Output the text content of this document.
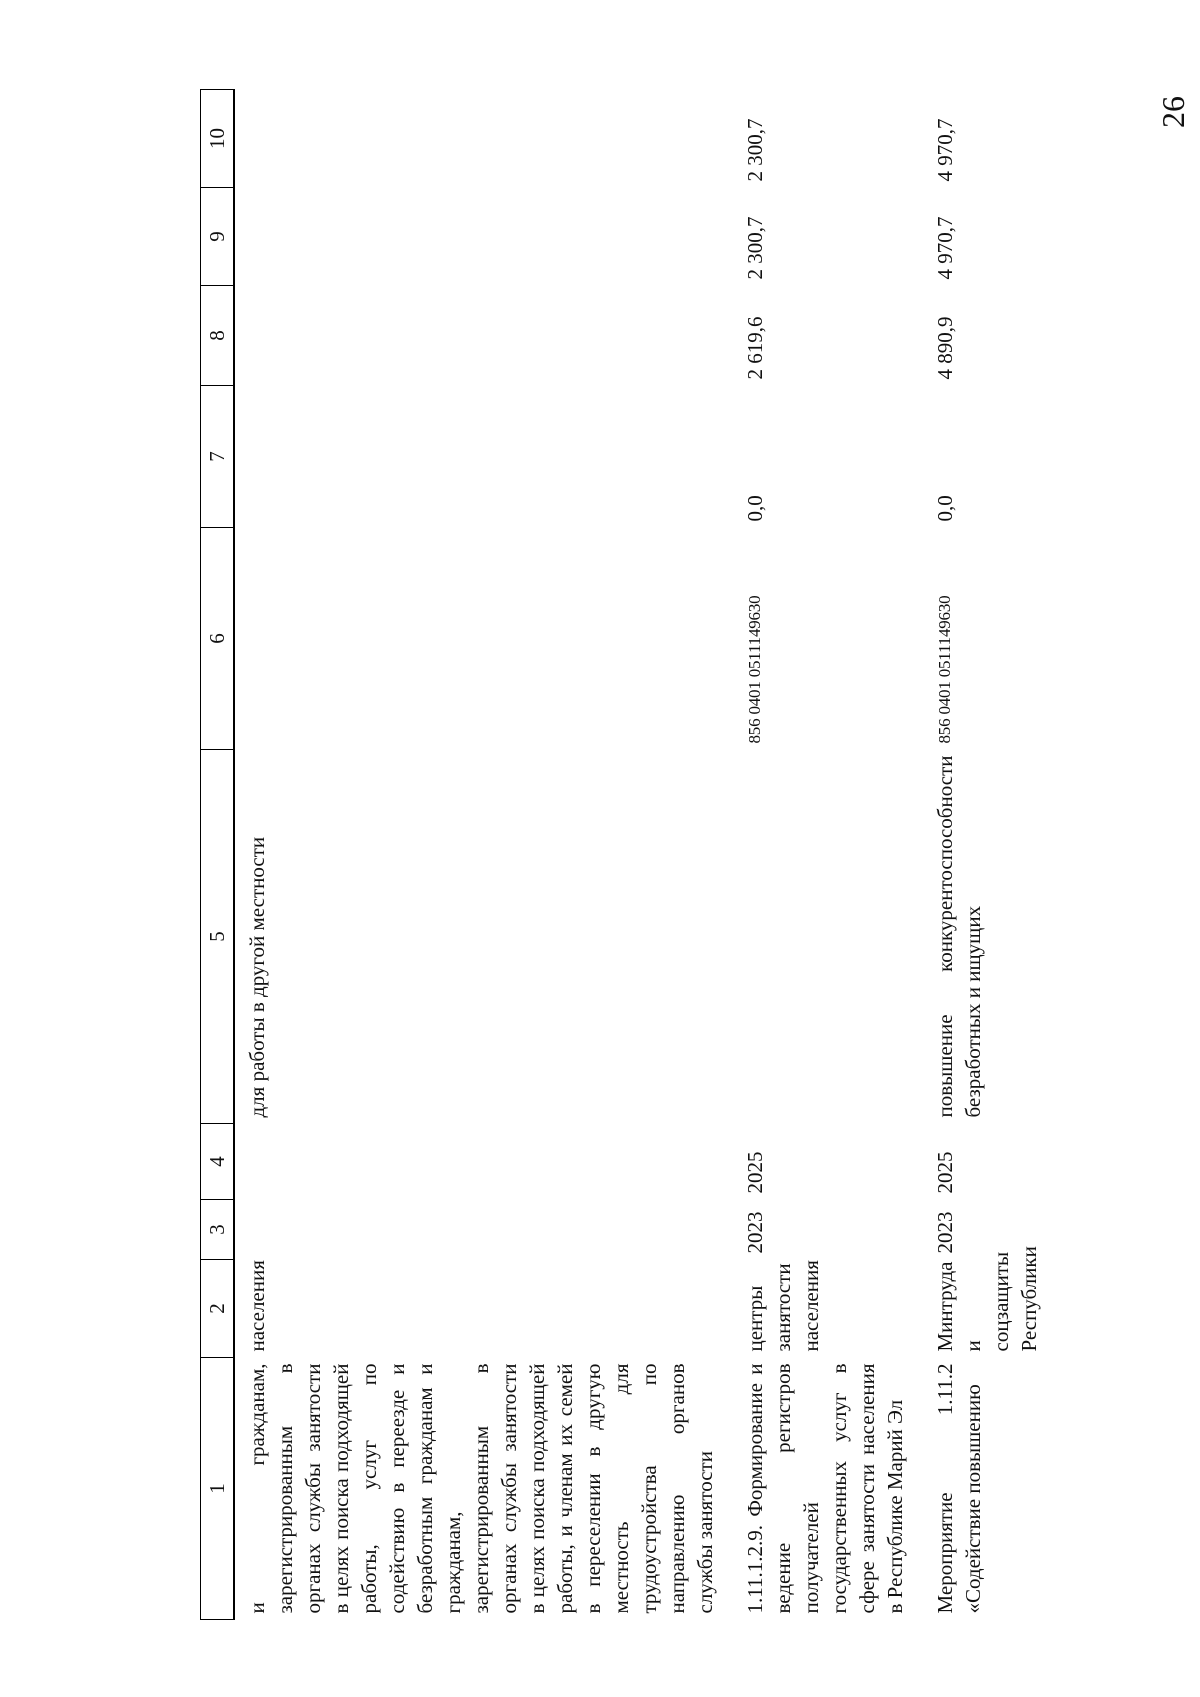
26
1	2	3	4	5	6	7	8	9	10
и гражданам, зарегистрированным в органах службы занятости в целях поиска подходящей работы, услуг по содействию в переезде и безработным гражданам и гражданам, зарегистрированным в органах службы занятости в целях поиска подходящей работы, и членам их семей в переселении в другую местность для трудоустройства по направлению органов службы занятости	населения			для работы в другой местности					
1.11.1.2.9. Формирование и ведение регистров получателей государственных услуг в сфере занятости населения в Республике Марий Эл	центры занятости населения	2023	2025		856 0401 0511149630	0,0	2 619,6	2 300,7	2 300,7
Мероприятие 1.11.2 «Содействие повышению	Минтруда и соцзащиты Республики	2023	2025	повышение конкурентоспособности безработных и ищущих	856 0401 0511149630	0,0	4 890,9	4 970,7	4 970,7
